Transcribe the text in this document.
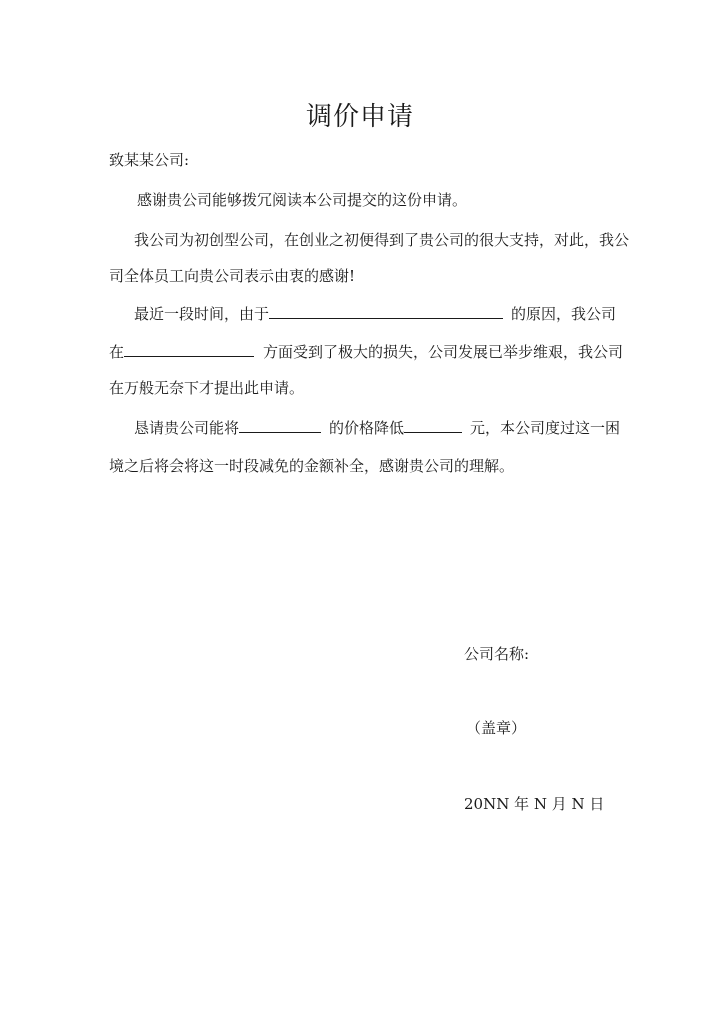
调价申请
致某某公司:
感谢贵公司能够拨冗阅读本公司提交的这份申请。
我公司为初创型公司，在创业之初便得到了贵公司的很大支持，对此，我公
司全体员工向贵公司表示由衷的感谢!
最近一段时间，由于	的原因，我公司
在	方面受到了极大的损失，公司发展已举步维艰，我公司
在万般无奈下才提出此申请。
恳请贵公司能将	的价格降低	元，本公司度过这一困
境之后将会将这一时段减免的金额补全，感谢贵公司的理解。
公司名称:
（盖章）
20NN 年 N 月 N 日
